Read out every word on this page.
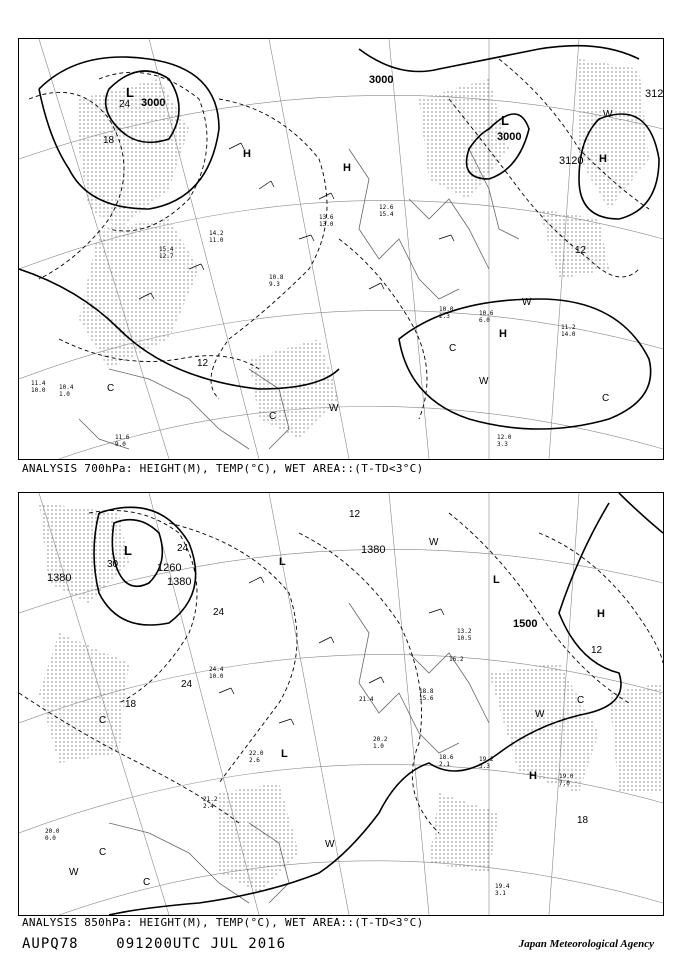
10.6
6.0
10.0
2.3
11.2
14.0
12.0
3.3
11.4
10.0 10.4
1.0
14.2
11.0
13.6
13.0
15.4
12.7
11.6
9.0
10.8
9.3
12.6
15.4
3000
3000
3000
3120
312
L
L
H
H
H
H
24
18
12
12
C
C
W
W
W
C
C
W
ANALYSIS 700hPa: HEIGHT(M), TEMP(°C), WET AREA::(T-TD<3°C)
19.2
3.3
18.6
2.1
19.0
7.0
19.4
3.1
21.2
2.4
20.2
1.0
24.4
10.0
22.0
2.6
18.8
15.6
13.2
10.5
20.0
0.0
16.2
21.4
1260
1380	1380
1380
1500
L
L
L
L
H
H
30
24
24
24
18
12
C
C
W
W
W
C
18
12
W
C
ANALYSIS 850hPa: HEIGHT(M), TEMP(°C), WET AREA::(T-TD<3°C)
AUPQ78	091200UTC JUL 2016	Japan Meteorological Agency
